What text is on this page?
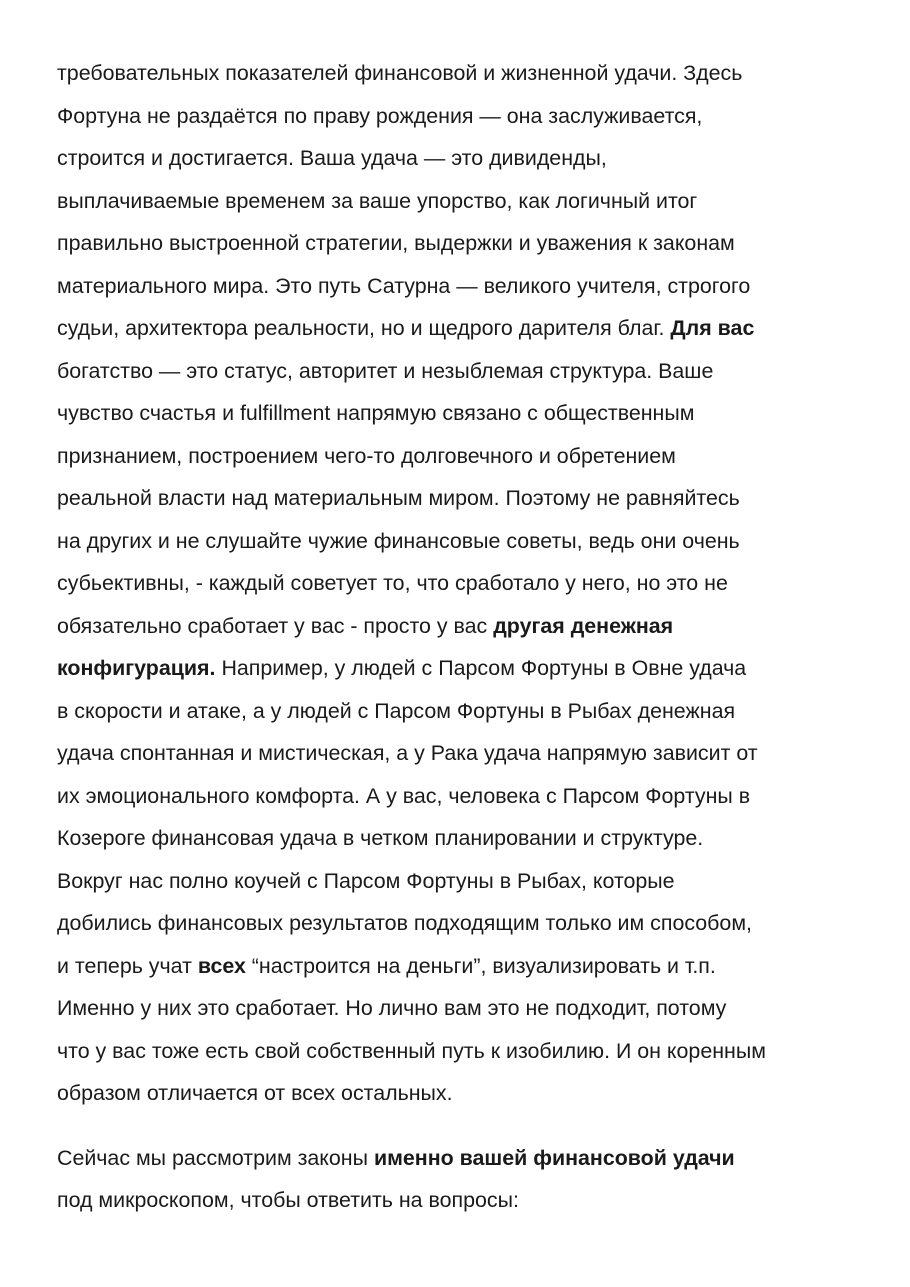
требовательных показателей финансовой и жизненной удачи. Здесь
Фортуна не раздаётся по праву рождения — она заслуживается,
строится и достигается. Ваша удача — это дивиденды,
выплачиваемые временем за ваше упорство, как логичный итог
правильно выстроенной стратегии, выдержки и уважения к законам
материального мира. Это путь Сатурна — великого учителя, строгого
судьи, архитектора реальности, но и щедрого дарителя благ. Для вас
богатство — это статус, авторитет и незыблемая структура. Ваше
чувство счастья и fulfillment напрямую связано с общественным
признанием, построением чего-то долговечного и обретением
реальной власти над материальным миром. Поэтому не равняйтесь
на других и не слушайте чужие финансовые советы, ведь они очень
субьективны, - каждый советует то, что сработало у него, но это не
обязательно сработает у вас - просто у вас другая денежная
конфигурация. Например, у людей с Парсом Фортуны в Овне удача
в скорости и атаке, а у людей с Парсом Фортуны в Рыбах денежная
удача спонтанная и мистическая, а у Рака удача напрямую зависит от
их эмоционального комфорта. А у вас, человека с Парсом Фортуны в
Козероге финансовая удача в четком планировании и структуре.
Вокруг нас полно коучей с Парсом Фортуны в Рыбах, которые
добились финансовых результатов подходящим только им способом,
и теперь учат всех “настроится на деньги”, визуализировать и т.п.
Именно у них это сработает. Но лично вам это не подходит, потому
что у вас тоже есть свой собственный путь к изобилию. И он коренным
образом отличается от всех остальных.

Сейчас мы рассмотрим законы именно вашей финансовой удачи
под микроскопом, чтобы ответить на вопросы:
